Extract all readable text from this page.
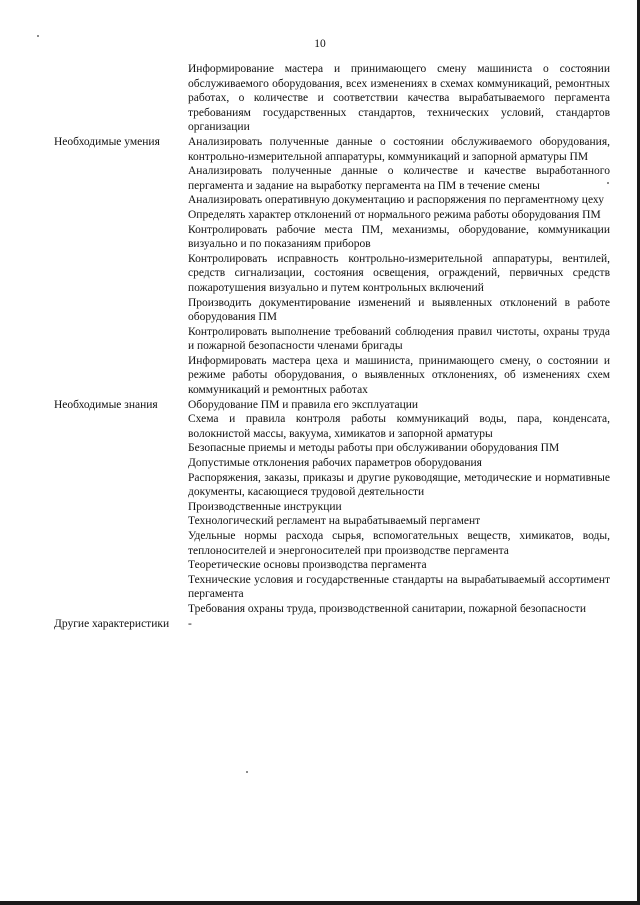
10
Информирование мастера и принимающего смену машиниста о состоянии обслуживаемого оборудования, всех изменениях в схемах коммуникаций, ремонтных работах, о количестве и соответствии качества вырабатываемого пергамента требованиям государственных стандартов, технических условий, стандартов организации
Необходимые умения	Анализировать полученные данные о состоянии обслуживаемого оборудования, контрольно-измерительной аппаратуры, коммуникаций и запорной арматуры ПМ
Анализировать полученные данные о количестве и качестве выработанного пергамента и задание на выработку пергамента на ПМ в течение смены
Анализировать оперативную документацию и распоряжения по пергаментному цеху
Определять характер отклонений от нормального режима работы оборудования ПМ
Контролировать рабочие места ПМ, механизмы, оборудование, коммуникации визуально и по показаниям приборов
Контролировать исправность контрольно-измерительной аппаратуры, вентилей, средств сигнализации, состояния освещения, ограждений, первичных средств пожаротушения визуально и путем контрольных включений
Производить документирование изменений и выявленных отклонений в работе оборудования ПМ
Контролировать выполнение требований соблюдения правил чистоты, охраны труда и пожарной безопасности членами бригады
Информировать мастера цеха и машиниста, принимающего смену, о состоянии и режиме работы оборудования, о выявленных отклонениях, об изменениях схем коммуникаций и ремонтных работах
Необходимые знания	Оборудование ПМ и правила его эксплуатации
Схема и правила контроля работы коммуникаций воды, пара, конденсата, волокнистой массы, вакуума, химикатов и запорной арматуры
Безопасные приемы и методы работы при обслуживании оборудования ПМ
Допустимые отклонения рабочих параметров оборудования
Распоряжения, заказы, приказы и другие руководящие, методические и нормативные документы, касающиеся трудовой деятельности
Производственные инструкции
Технологический регламент на вырабатываемый пергамент
Удельные нормы расхода сырья, вспомогательных веществ, химикатов, воды, теплоносителей и энергоносителей при производстве пергамента
Теоретические основы производства пергамента
Технические условия и государственные стандарты на вырабатываемый ассортимент пергамента
Требования охраны труда, производственной санитарии, пожарной безопасности
Другие характеристики	-
